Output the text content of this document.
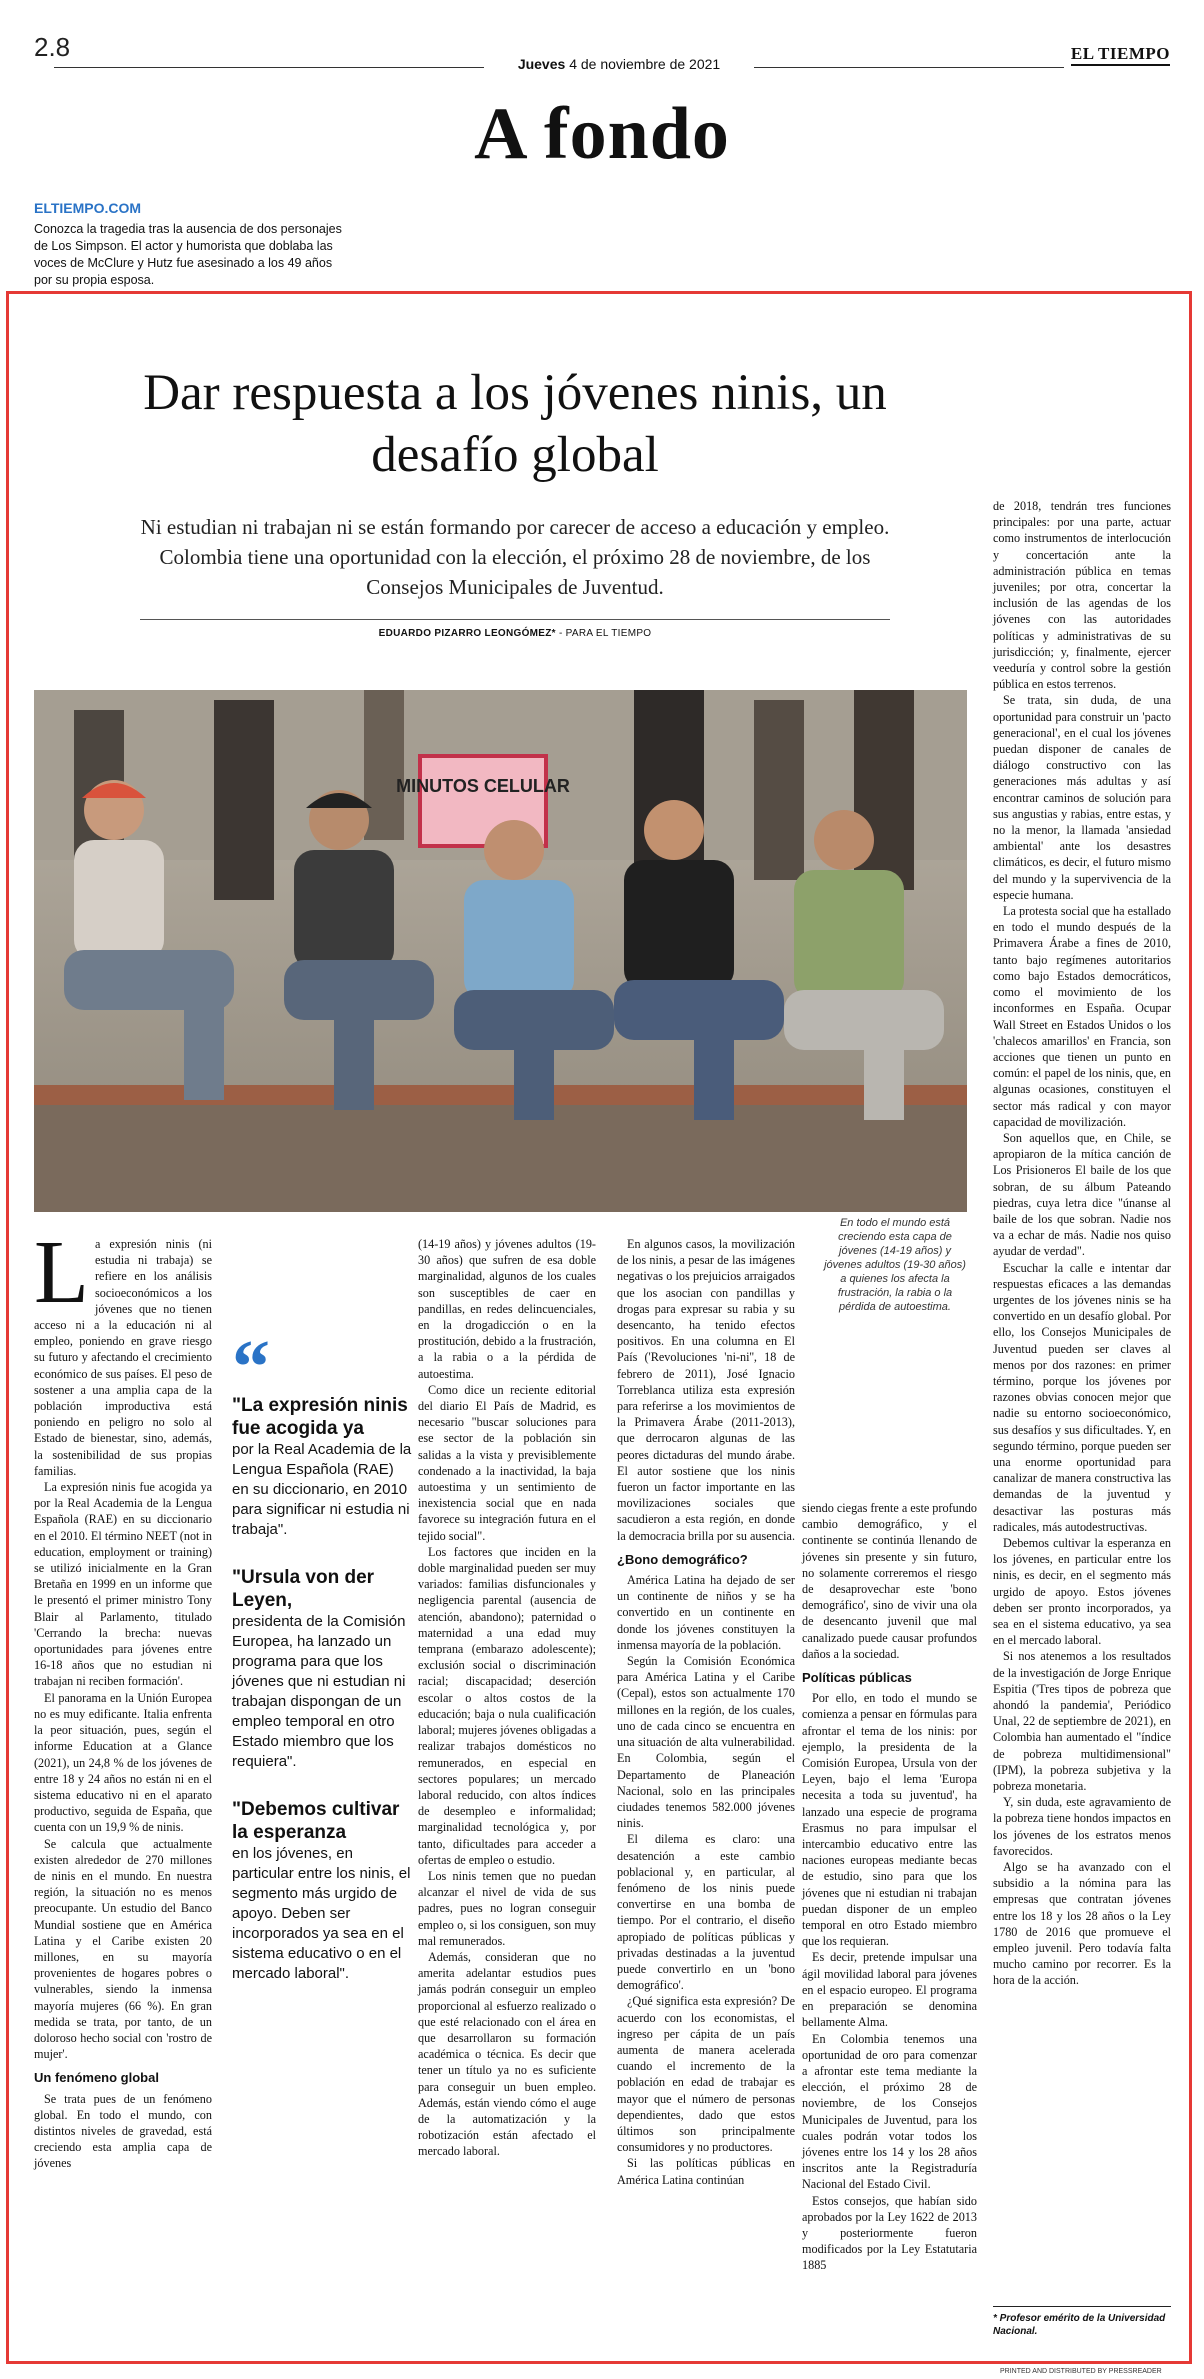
2.8
Jueves 4 de noviembre de 2021
EL TIEMPO
A fondo
ELTIEMPO.COM
Conozca la tragedia tras la ausencia de dos personajes de Los Simpson. El actor y humorista que doblaba las voces de McClure y Hutz fue asesinado a los 49 años por su propia esposa.
Dar respuesta a los jóvenes ninis, un desafío global
Ni estudian ni trabajan ni se están formando por carecer de acceso a educación y empleo. Colombia tiene una oportunidad con la elección, el próximo 28 de noviembre, de los Consejos Municipales de Juventud.
EDUARDO PIZARRO LEONGÓMEZ* - PARA EL TIEMPO
MINUTOS CELULAR
En todo el mundo está creciendo esta capa de jóvenes (14-19 años) y jóvenes adultos (19-30 años) a quienes los afecta la frustración, la rabia o la pérdida de autoestima.
L a expresión ninis (ni estudia ni trabaja) se refiere en los análisis socioeconómicos a los jóvenes que no tienen acceso ni a la educación ni al empleo, poniendo en grave riesgo su futuro y afectando el crecimiento económico de sus países. El peso de sostener a una amplia capa de la población improductiva está poniendo en peligro no solo al Estado de bienestar, sino, además, la sostenibilidad de sus propias familias.

La expresión ninis fue acogida ya por la Real Academia de la Lengua Española (RAE) en su diccionario en el 2010. El término NEET (not in education, employment or training) se utilizó inicialmente en la Gran Bretaña en 1999 en un informe que le presentó el primer ministro Tony Blair al Parlamento, titulado 'Cerrando la brecha: nuevas oportunidades para jóvenes entre 16-18 años que no estudian ni trabajan ni reciben formación'.

El panorama en la Unión Europea no es muy edificante. Italia enfrenta la peor situación, pues, según el informe Education at a Glance (2021), un 24,8 % de los jóvenes de entre 18 y 24 años no están ni en el sistema educativo ni en el aparato productivo, seguida de España, que cuenta con un 19,9 % de ninis.

Se calcula que actualmente existen alrededor de 270 millones de ninis en el mundo. En nuestra región, la situación no es menos preocupante. Un estudio del Banco Mundial sostiene que en América Latina y el Caribe existen 20 millones, en su mayoría provenientes de hogares pobres o vulnerables, siendo la inmensa mayoría mujeres (66 %). En gran medida se trata, por tanto, de un doloroso hecho social con 'rostro de mujer'.

Un fenómeno global

Se trata pues de un fenómeno global. En todo el mundo, con distintos niveles de gravedad, está creciendo esta amplia capa de jóvenes

“
"La expresión ninis fue acogida ya
por la Real Academia de la Lengua Española (RAE) en su diccionario, en 2010 para significar ni estudia ni trabaja".
"Ursula von der Leyen,
presidenta de la Comisión Europea, ha lanzado un programa para que los jóvenes que ni estudian ni trabajan dispongan de un empleo temporal en otro Estado miembro que los requiera".
"Debemos cultivar la esperanza
en los jóvenes, en particular entre los ninis, el segmento más urgido de apoyo. Deben ser incorporados ya sea en el sistema educativo o en el mercado laboral".

(14-19 años) y jóvenes adultos (19-30 años) que sufren de esa doble marginalidad, algunos de los cuales son susceptibles de caer en pandillas, en redes delincuenciales, en la drogadicción o en la prostitución, debido a la frustración, a la rabia o a la pérdida de autoestima.

Como dice un reciente editorial del diario El País de Madrid, es necesario "buscar soluciones para ese sector de la población sin salidas a la vista y previsiblemente condenado a la inactividad, la baja autoestima y un sentimiento de inexistencia social que en nada favorece su integración futura en el tejido social".

Los factores que inciden en la doble marginalidad pueden ser muy variados: familias disfuncionales y negligencia parental (ausencia de atención, abandono); paternidad o maternidad a una edad muy temprana (embarazo adolescente); exclusión social o discriminación racial; discapacidad; deserción escolar o altos costos de la educación; baja o nula cualificación laboral; mujeres jóvenes obligadas a realizar trabajos domésticos no remunerados, en especial en sectores populares; un mercado laboral reducido, con altos índices de desempleo e informalidad; marginalidad tecnológica y, por tanto, dificultades para acceder a ofertas de empleo o estudio.

Los ninis temen que no puedan alcanzar el nivel de vida de sus padres, pues no logran conseguir empleo o, si los consiguen, son muy mal remunerados.

Además, consideran que no amerita adelantar estudios pues jamás podrán conseguir un empleo proporcional al esfuerzo realizado o que esté relacionado con el área en que desarrollaron su formación académica o técnica. Es decir que tener un título ya no es suficiente para conseguir un buen empleo. Además, están viendo cómo el auge de la automatización y la robotización están afectado el mercado laboral.

En algunos casos, la movilización de los ninis, a pesar de las imágenes negativas o los prejuicios arraigados que los asocian con pandillas y drogas para expresar su rabia y su desencanto, ha tenido efectos positivos. En una columna en El País ('Revoluciones 'ni-ni'', 18 de febrero de 2011), José Ignacio Torreblanca utiliza esta expresión para referirse a los movimientos de la Primavera Árabe (2011-2013), que derrocaron algunas de las peores dictaduras del mundo árabe. El autor sostiene que los ninis fueron un factor importante en las movilizaciones sociales que sacudieron a esta región, en donde la democracia brilla por su ausencia.

¿Bono demográfico?

América Latina ha dejado de ser un continente de niños y se ha convertido en un continente en donde los jóvenes constituyen la inmensa mayoría de la población.

Según la Comisión Económica para América Latina y el Caribe (Cepal), estos son actualmente 170 millones en la región, de los cuales, uno de cada cinco se encuentra en una situación de alta vulnerabilidad. En Colombia, según el Departamento de Planeación Nacional, solo en las principales ciudades tenemos 582.000 jóvenes ninis.

El dilema es claro: una desatención a este cambio poblacional y, en particular, al fenómeno de los ninis puede convertirse en una bomba de tiempo. Por el contrario, el diseño apropiado de políticas públicas y privadas destinadas a la juventud puede convertirlo en un 'bono demográfico'.

¿Qué significa esta expresión? De acuerdo con los economistas, el ingreso per cápita de un país aumenta de manera acelerada cuando el incremento de la población en edad de trabajar es mayor que el número de personas dependientes, dado que estos últimos son principalmente consumidores y no productores.

Si las políticas públicas en América Latina continúan

siendo ciegas frente a este profundo cambio demográfico, y el continente se continúa llenando de jóvenes sin presente y sin futuro, no solamente correremos el riesgo de desaprovechar este 'bono demográfico', sino de vivir una ola de desencanto juvenil que mal canalizado puede causar profundos daños a la sociedad.

Políticas públicas

Por ello, en todo el mundo se comienza a pensar en fórmulas para afrontar el tema de los ninis: por ejemplo, la presidenta de la Comisión Europea, Ursula von der Leyen, bajo el lema 'Europa necesita a toda su juventud', ha lanzado una especie de programa Erasmus no para impulsar el intercambio educativo entre las naciones europeas mediante becas de estudio, sino para que los jóvenes que ni estudian ni trabajan puedan disponer de un empleo temporal en otro Estado miembro que los requieran.

Es decir, pretende impulsar una ágil movilidad laboral para jóvenes en el espacio europeo. El programa en preparación se denomina bellamente Alma.

En Colombia tenemos una oportunidad de oro para comenzar a afrontar este tema mediante la elección, el próximo 28 de noviembre, de los Consejos Municipales de Juventud, para los cuales podrán votar todos los jóvenes entre los 14 y los 28 años inscritos ante la Registraduría Nacional del Estado Civil.

Estos consejos, que habían sido aprobados por la Ley 1622 de 2013 y posteriormente fueron modificados por la Ley Estatutaria 1885

de 2018, tendrán tres funciones principales: por una parte, actuar como instrumentos de interlocución y concertación ante la administración pública en temas juveniles; por otra, concertar la inclusión de las agendas de los jóvenes con las autoridades políticas y administrativas de su jurisdicción; y, finalmente, ejercer veeduría y control sobre la gestión pública en estos terrenos.

Se trata, sin duda, de una oportunidad para construir un 'pacto generacional', en el cual los jóvenes puedan disponer de canales de diálogo constructivo con las generaciones más adultas y así encontrar caminos de solución para sus angustias y rabias, entre estas, y no la menor, la llamada 'ansiedad ambiental' ante los desastres climáticos, es decir, el futuro mismo del mundo y la supervivencia de la especie humana.

La protesta social que ha estallado en todo el mundo después de la Primavera Árabe a fines de 2010, tanto bajo regímenes autoritarios como bajo Estados democráticos, como el movimiento de los inconformes en España. Ocupar Wall Street en Estados Unidos o los 'chalecos amarillos' en Francia, son acciones que tienen un punto en común: el papel de los ninis, que, en algunas ocasiones, constituyen el sector más radical y con mayor capacidad de movilización.

Son aquellos que, en Chile, se apropiaron de la mítica canción de Los Prisioneros El baile de los que sobran, de su álbum Pateando piedras, cuya letra dice "únanse al baile de los que sobran. Nadie nos va a echar de más. Nadie nos quiso ayudar de verdad".

Escuchar la calle e intentar dar respuestas eficaces a las demandas urgentes de los jóvenes ninis se ha convertido en un desafío global. Por ello, los Consejos Municipales de Juventud pueden ser claves al menos por dos razones: en primer término, porque los jóvenes por razones obvias conocen mejor que nadie su entorno socioeconómico, sus desafíos y sus dificultades. Y, en segundo término, porque pueden ser una enorme oportunidad para canalizar de manera constructiva las demandas de la juventud y desactivar las posturas más radicales, más autodestructivas.

Debemos cultivar la esperanza en los jóvenes, en particular entre los ninis, es decir, en el segmento más urgido de apoyo. Estos jóvenes deben ser pronto incorporados, ya sea en el sistema educativo, ya sea en el mercado laboral.

Si nos atenemos a los resultados de la investigación de Jorge Enrique Espitia ('Tres tipos de pobreza que ahondó la pandemia', Periódico Unal, 22 de septiembre de 2021), en Colombia han aumentado el "índice de pobreza multidimensional" (IPM), la pobreza subjetiva y la pobreza monetaria.

Y, sin duda, este agravamiento de la pobreza tiene hondos impactos en los jóvenes de los estratos menos favorecidos.

Algo se ha avanzado con el subsidio a la nómina para las empresas que contratan jóvenes entre los 18 y los 28 años o la Ley 1780 de 2016 que promueve el empleo juvenil. Pero todavía falta mucho camino por recorrer. Es la hora de la acción.

* Profesor emérito de la Universidad Nacional.
PRINTED AND DISTRIBUTED BY PRESSREADER
